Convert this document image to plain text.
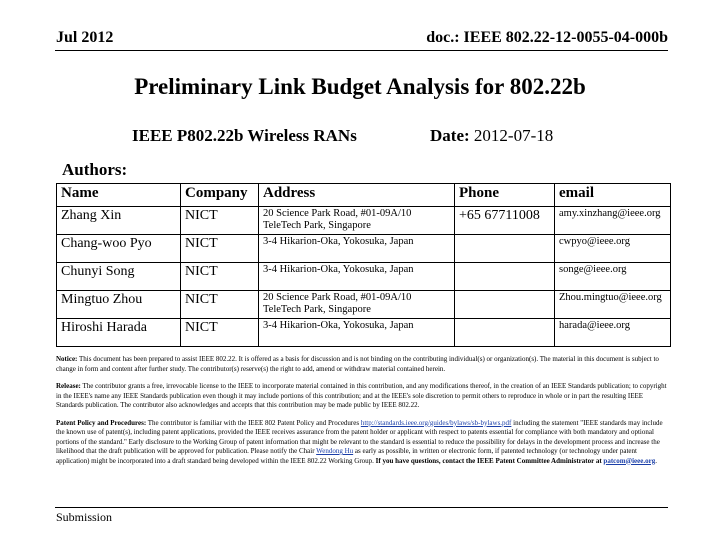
Jul 2012	doc.: IEEE 802.22-12-0055-04-000b
Preliminary Link Budget Analysis for 802.22b
IEEE P802.22b Wireless RANs	Date: 2012-07-18
Authors:
Name	Company	Address	Phone	email
Zhang Xin	NICT	20 Science Park Road, #01-09A/10 TeleTech Park, Singapore	+65 67711008	amy.xinzhang@ieee.org
Chang-woo Pyo	NICT	3-4 Hikarion-Oka, Yokosuka, Japan		cwpyo@ieee.org
Chunyi Song	NICT	3-4 Hikarion-Oka, Yokosuka, Japan		songe@ieee.org
Mingtuo Zhou	NICT	20 Science Park Road, #01-09A/10 TeleTech Park, Singapore		Zhou.mingtuo@ieee.org
Hiroshi Harada	NICT	3-4 Hikarion-Oka, Yokosuka, Japan		harada@ieee.org

Notice: This document has been prepared to assist IEEE 802.22. It is offered as a basis for discussion and is not binding on the contributing individual(s) or organization(s). The material in this document is subject to change in form and content after further study. The contributor(s) reserve(s) the right to add, amend or withdraw material contained herein.

Release: The contributor grants a free, irrevocable license to the IEEE to incorporate material contained in this contribution, and any modifications thereof, in the creation of an IEEE Standards publication; to copyright in the IEEE's name any IEEE Standards publication even though it may include portions of this contribution; and at the IEEE's sole discretion to permit others to reproduce in whole or in part the resulting IEEE Standards publication. The contributor also acknowledges and accepts that this contribution may be made public by IEEE 802.22.

Patent Policy and Procedures: The contributor is familiar with the IEEE 802 Patent Policy and Procedures http://standards.ieee.org/guides/bylaws/sb-bylaws.pdf including the statement "IEEE standards may include the known use of patent(s), including patent applications, provided the IEEE receives assurance from the patent holder or applicant with respect to patents essential for compliance with both mandatory and optional portions of the standard." Early disclosure to the Working Group of patent information that might be relevant to the standard is essential to reduce the possibility for delays in the development process and increase the likelihood that the draft publication will be approved for publication. Please notify the Chair Wendong Hu as early as possible, in written or electronic form, if patented technology (or technology under patent application) might be incorporated into a draft standard being developed within the IEEE 802.22 Working Group. If you have questions, contact the IEEE Patent Committee Administrator at patcom@ieee.org.

Submission
